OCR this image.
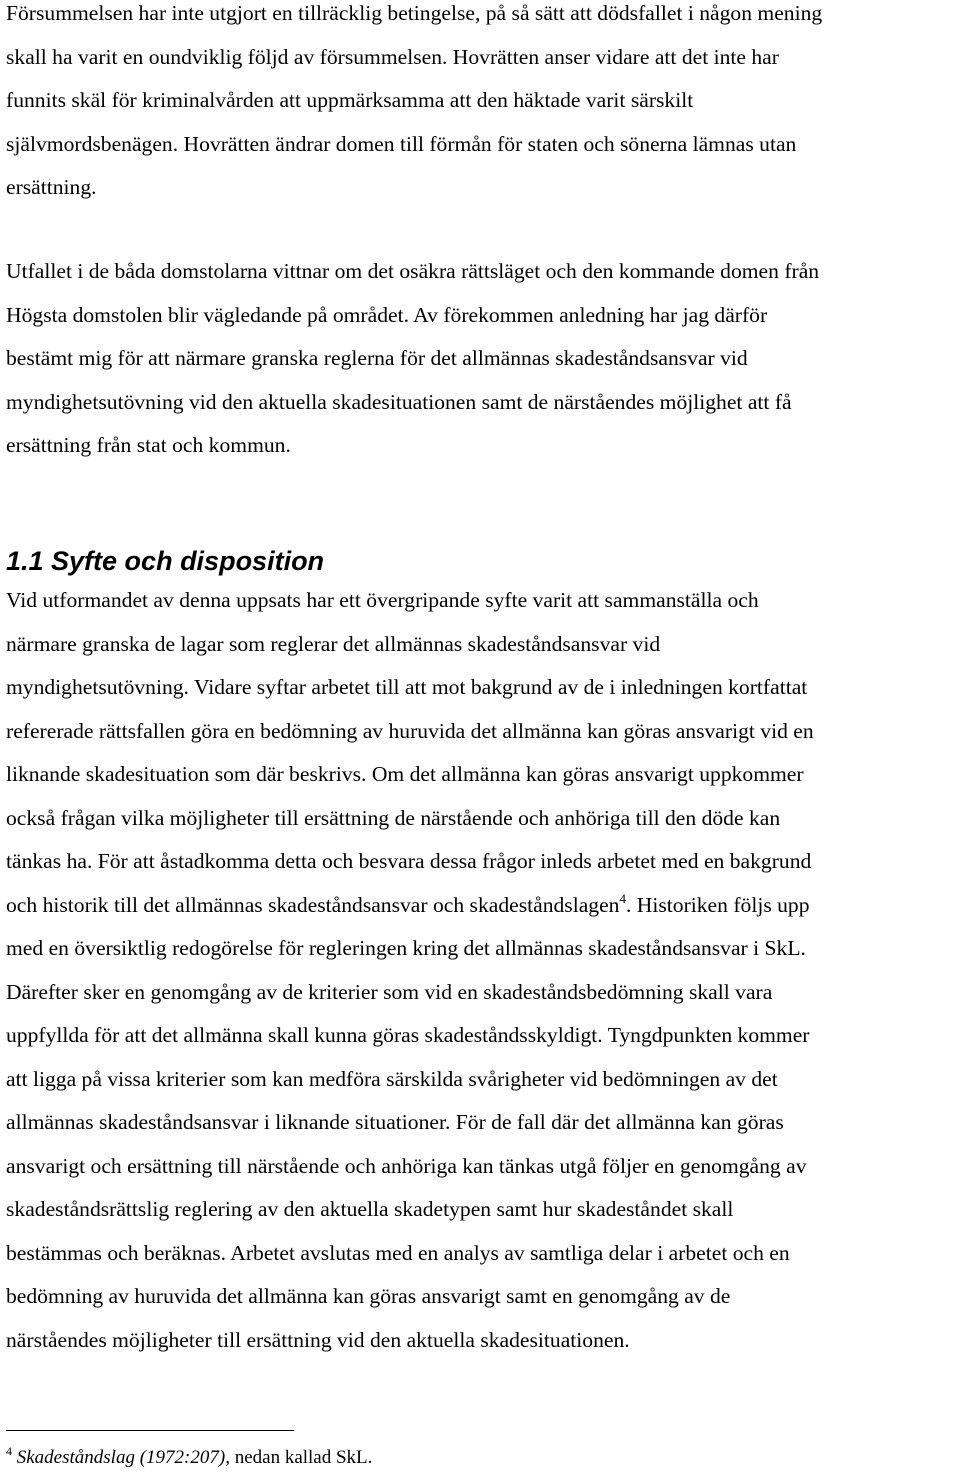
Försummelsen har inte utgjort en tillräcklig betingelse, på så sätt att dödsfallet i någon mening
skall ha varit en oundviklig följd av försummelsen. Hovrätten anser vidare att det inte har
funnits skäl för kriminalvården att uppmärksamma att den häktade varit särskilt
självmordsbenägen. Hovrätten ändrar domen till förmån för staten och sönerna lämnas utan
ersättning.

Utfallet i de båda domstolarna vittnar om det osäkra rättsläget och den kommande domen från
Högsta domstolen blir vägledande på området. Av förekommen anledning har jag därför
bestämt mig för att närmare granska reglerna för det allmännas skadeståndsansvar vid
myndighetsutövning vid den aktuella skadesituationen samt de närståendes möjlighet att få
ersättning från stat och kommun.

1.1 Syfte och disposition

Vid utformandet av denna uppsats har ett övergripande syfte varit att sammanställa och
närmare granska de lagar som reglerar det allmännas skadeståndsansvar vid
myndighetsutövning. Vidare syftar arbetet till att mot bakgrund av de i inledningen kortfattat
refererade rättsfallen göra en bedömning av huruvida det allmänna kan göras ansvarigt vid en
liknande skadesituation som där beskrivs. Om det allmänna kan göras ansvarigt uppkommer
också frågan vilka möjligheter till ersättning de närstående och anhöriga till den döde kan
tänkas ha. För att åstadkomma detta och besvara dessa frågor inleds arbetet med en bakgrund
och historik till det allmännas skadeståndsansvar och skadeståndslagen$^4$. Historiken följs upp
med en översiktlig redogörelse för regleringen kring det allmännas skadeståndsansvar i SkL.
Därefter sker en genomgång av de kriterier som vid en skadeståndsbedömning skall vara
uppfyllda för att det allmänna skall kunna göras skadeståndsskyldigt. Tyngdpunkten kommer
att ligga på vissa kriterier som kan medföra särskilda svårigheter vid bedömningen av det
allmännas skadeståndsansvar i liknande situationer. För de fall där det allmänna kan göras
ansvarigt och ersättning till närstående och anhöriga kan tänkas utgå följer en genomgång av
skadeståndsrättslig reglering av den aktuella skadetypen samt hur skadeståndet skall
bestämmas och beräknas. Arbetet avslutas med en analys av samtliga delar i arbetet och en
bedömning av huruvida det allmänna kan göras ansvarigt samt en genomgång av de
närståendes möjligheter till ersättning vid den aktuella skadesituationen.

$^4$ Skadeståndslag (1972:207), nedan kallad SkL.
